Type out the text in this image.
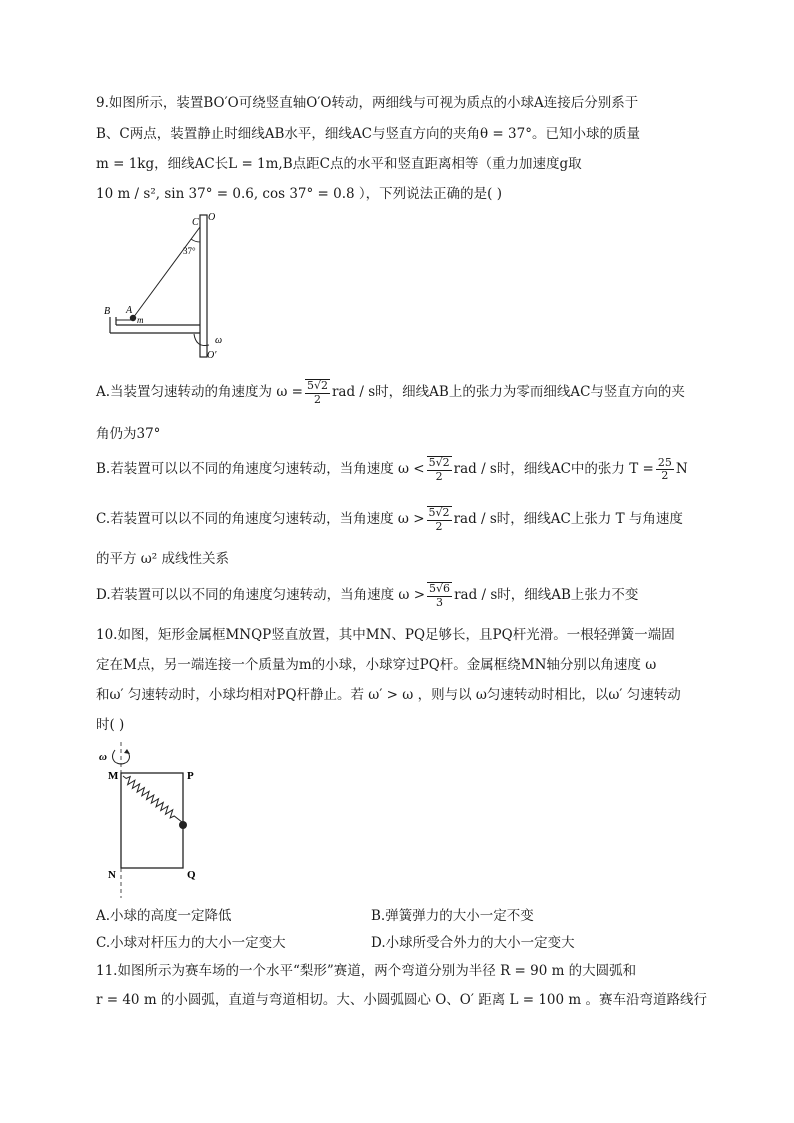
9.如图所示，装置BO′O可绕竖直轴O′O转动，两细线与可视为质点的小球A连接后分别系于
B、C两点，装置静止时细线AB水平，细线AC与竖直方向的夹角θ = 37°。已知小球的质量
m = 1kg，细线AC长L = 1m,B点距C点的水平和竖直距离相等（重力加速度g取
10 m / s², sin 37° = 0.6, cos 37° = 0.8 ），下列说法正确的是( )
C O
37°
A
m
B
ω
O′
A.当装置匀速转动的角速度为 $\omega = \frac{5√2}{2}$ rad / s时，细线AB上的张力为零而细线AC与竖直方向的夹
角仍为37°
B.若装置可以以不同的角速度匀速转动，当角速度 $\omega < \frac{5√2}{2}$ rad / s时，细线AC中的张力 $T = \frac{25}{2}$ N
C.若装置可以以不同的角速度匀速转动，当角速度 $\omega > \frac{5√2}{2}$ rad / s时，细线AC上张力 T 与角速度
的平方 ω² 成线性关系
D.若装置可以以不同的角速度匀速转动，当角速度 $\omega > \frac{5√6}{3}$ rad / s时，细线AB上张力不变
10.如图，矩形金属框MNQP竖直放置，其中MN、PQ足够长，且PQ杆光滑。一根轻弹簧一端固
定在M点，另一端连接一个质量为m的小球，小球穿过PQ杆。金属框绕MN轴分别以角速度 ω
和ω′ 匀速转动时，小球均相对PQ杆静止。若 ω′ > ω ，则与以 ω匀速转动时相比，以ω′ 匀速转动
时( )
ω
M	P
N	Q
A.小球的高度一定降低	B.弹簧弹力的大小一定不变
C.小球对杆压力的大小一定变大	D.小球所受合外力的大小一定变大
11.如图所示为赛车场的一个水平“梨形”赛道，两个弯道分别为半径 R = 90 m 的大圆弧和
r = 40 m 的小圆弧，直道与弯道相切。大、小圆弧圆心 O、O′ 距离 L = 100 m 。赛车沿弯道路线行
